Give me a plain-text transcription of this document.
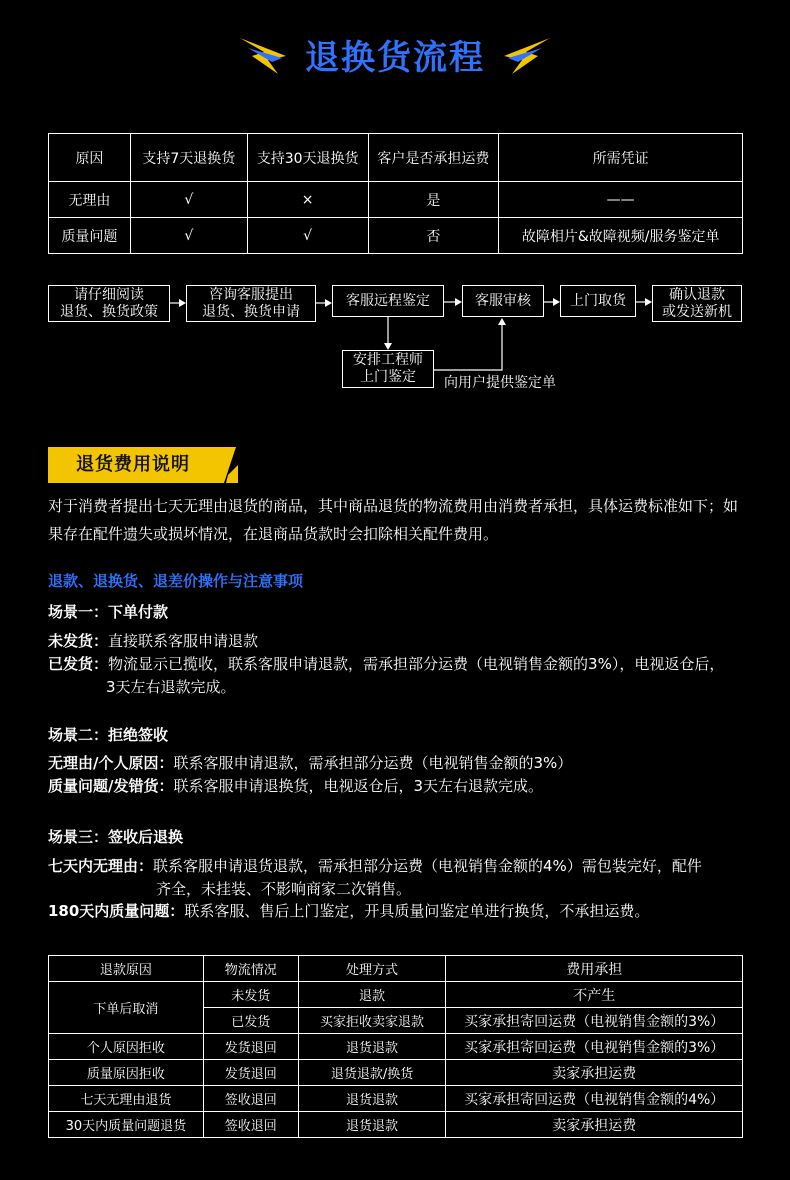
退换货流程
原因	支持7天退换货	支持30天退换货	客户是否承担运费	所需凭证
无理由	√	×	是	——
质量问题	√	√	否	故障相片&故障视频/服务鉴定单
请仔细阅读
退货、换货政策
咨询客服提出
退货、换货申请
客服远程鉴定	客服审核	上门取货	确认退款
或发送新机
安排工程师
上门鉴定	向用户提供鉴定单
退货费用说明
对于消费者提出七天无理由退货的商品，其中商品退货的物流费用由消费者承担，具体运费标准如下；如果存在配件遗失或损坏情况，在退商品货款时会扣除相关配件费用。
退款、退换货、退差价操作与注意事项
场景一：下单付款
未发货：直接联系客服申请退款
已发货：物流显示已揽收，联系客服申请退款，需承担部分运费（电视销售金额的3%），电视返仓后，
3天左右退款完成。
场景二：拒绝签收
无理由/个人原因：联系客服申请退款，需承担部分运费（电视销售金额的3%）
质量问题/发错货：联系客服申请退换货，电视返仓后，3天左右退款完成。
场景三：签收后退换
七天内无理由：联系客服申请退货退款，需承担部分运费（电视销售金额的4%）需包装完好，配件
齐全，未挂装、不影响商家二次销售。
180天内质量问题：联系客服、售后上门鉴定，开具质量问鉴定单进行换货，不承担运费。
退款原因	物流情况	处理方式	费用承担
下单后取消	未发货	退款	不产生
	已发货	买家拒收卖家退款	买家承担寄回运费（电视销售金额的3%）
个人原因拒收	发货退回	退货退款	买家承担寄回运费（电视销售金额的3%）
质量原因拒收	发货退回	退货退款/换货	卖家承担运费
七天无理由退货	签收退回	退货退款	买家承担寄回运费（电视销售金额的4%）
30天内质量问题退货	签收退回	退货退款	卖家承担运费
